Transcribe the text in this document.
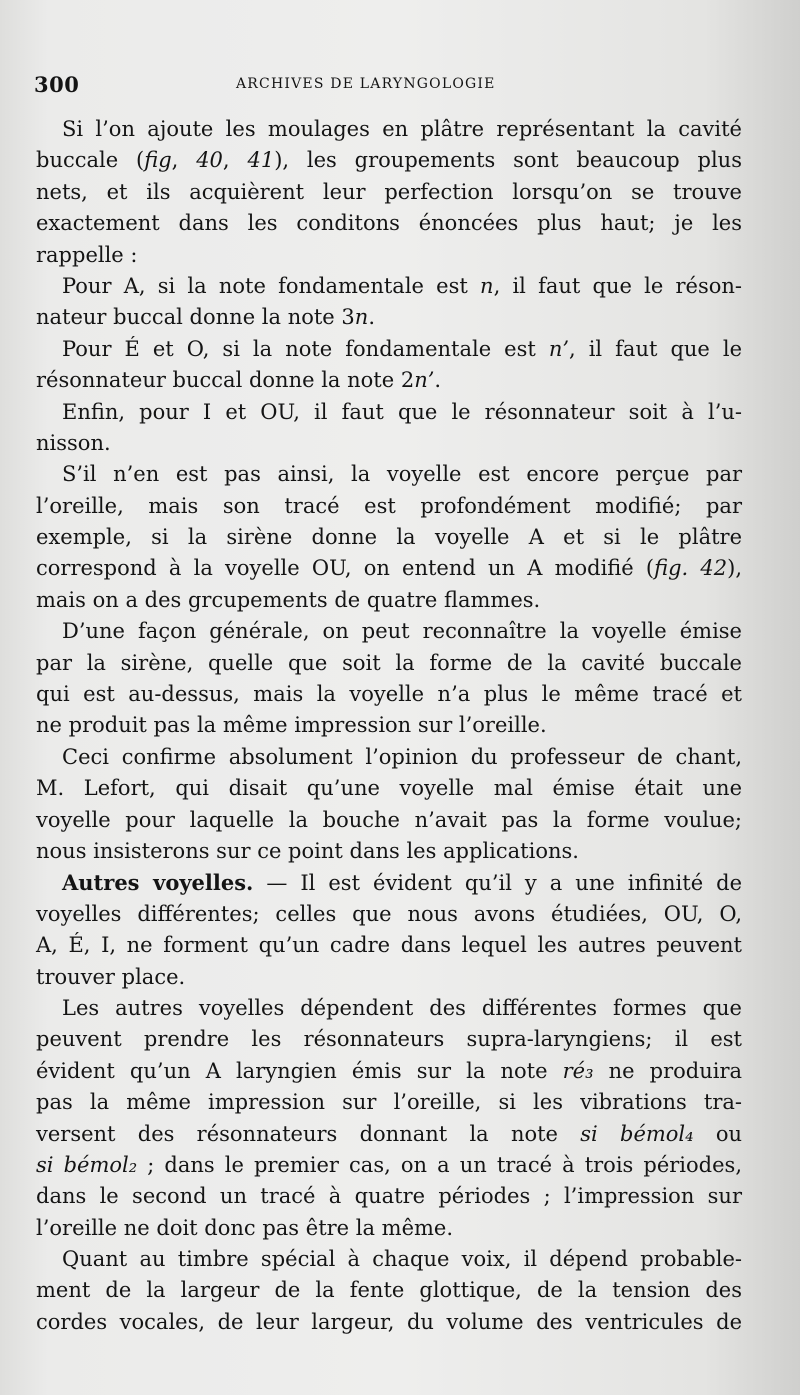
300	ARCHIVES DE LARYNGOLOGIE
Si l’on ajoute les moulages en plâtre représentant la cavité
buccale (fig, 40, 41), les groupements sont beaucoup plus
nets, et ils acquièrent leur perfection lorsqu’on se trouve
exactement dans les conditons énoncées plus haut; je les
rappelle :
Pour A, si la note fondamentale est n, il faut que le réson-
nateur buccal donne la note 3n.
Pour É et O, si la note fondamentale est n’, il faut que le
résonnateur buccal donne la note 2n’.
Enfin, pour I et OU, il faut que le résonnateur soit à l’u-
nisson.
S’il n’en est pas ainsi, la voyelle est encore perçue par
l’oreille, mais son tracé est profondément modifié; par
exemple, si la sirène donne la voyelle A et si le plâtre
correspond à la voyelle OU, on entend un A modifié (fig. 42),
mais on a des grcupements de quatre flammes.
D’une façon générale, on peut reconnaître la voyelle émise
par la sirène, quelle que soit la forme de la cavité buccale
qui est au-dessus, mais la voyelle n’a plus le même tracé et
ne produit pas la même impression sur l’oreille.
Ceci confirme absolument l’opinion du professeur de chant,
M. Lefort, qui disait qu’une voyelle mal émise était une
voyelle pour laquelle la bouche n’avait pas la forme voulue;
nous insisterons sur ce point dans les applications.
Autres voyelles. — Il est évident qu’il y a une infinité de
voyelles différentes; celles que nous avons étudiées, OU, O,
A, É, I, ne forment qu’un cadre dans lequel les autres peuvent
trouver place.
Les autres voyelles dépendent des différentes formes que
peuvent prendre les résonnateurs supra-laryngiens; il est
évident qu’un A laryngien émis sur la note ré₃ ne produira
pas la même impression sur l’oreille, si les vibrations tra-
versent des résonnateurs donnant la note si bémol₄ ou
si bémol₂ ; dans le premier cas, on a un tracé à trois périodes,
dans le second un tracé à quatre périodes ; l’impression sur
l’oreille ne doit donc pas être la même.
Quant au timbre spécial à chaque voix, il dépend probable-
ment de la largeur de la fente glottique, de la tension des
cordes vocales, de leur largeur, du volume des ventricules de
